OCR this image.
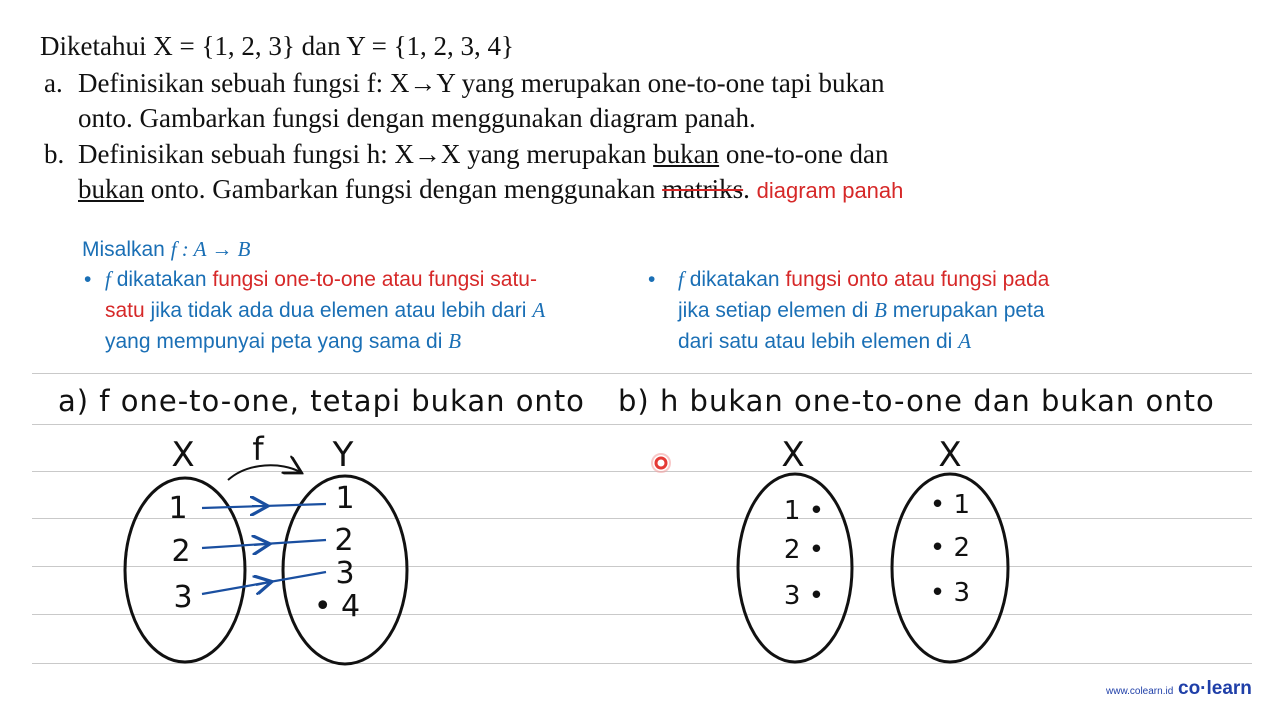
Diketahui X = {1, 2, 3} dan Y = {1, 2, 3, 4}
a. Definisikan sebuah fungsi f: X→Y yang merupakan one-to-one tapi bukan
onto. Gambarkan fungsi dengan menggunakan diagram panah.
b. Definisikan sebuah fungsi h: X→X yang merupakan bukan one-to-one dan
bukan onto. Gambarkan fungsi dengan menggunakan matriks. diagram panah
Misalkan f : A → B
• f dikatakan fungsi one-to-one atau fungsi satu-
satu jika tidak ada dua elemen atau lebih dari A
yang mempunyai peta yang sama di B
• f dikatakan fungsi onto atau fungsi pada
jika setiap elemen di B merupakan peta
dari satu atau lebih elemen di A
a) f one-to-one, tetapi bukan onto b) h bukan one-to-one dan bukan onto
X f Y
1
2
3
1
2
3
• 4
X	X
1 •
2 •
3 •
• 1
• 2
• 3
www.colearn.id co·learn
